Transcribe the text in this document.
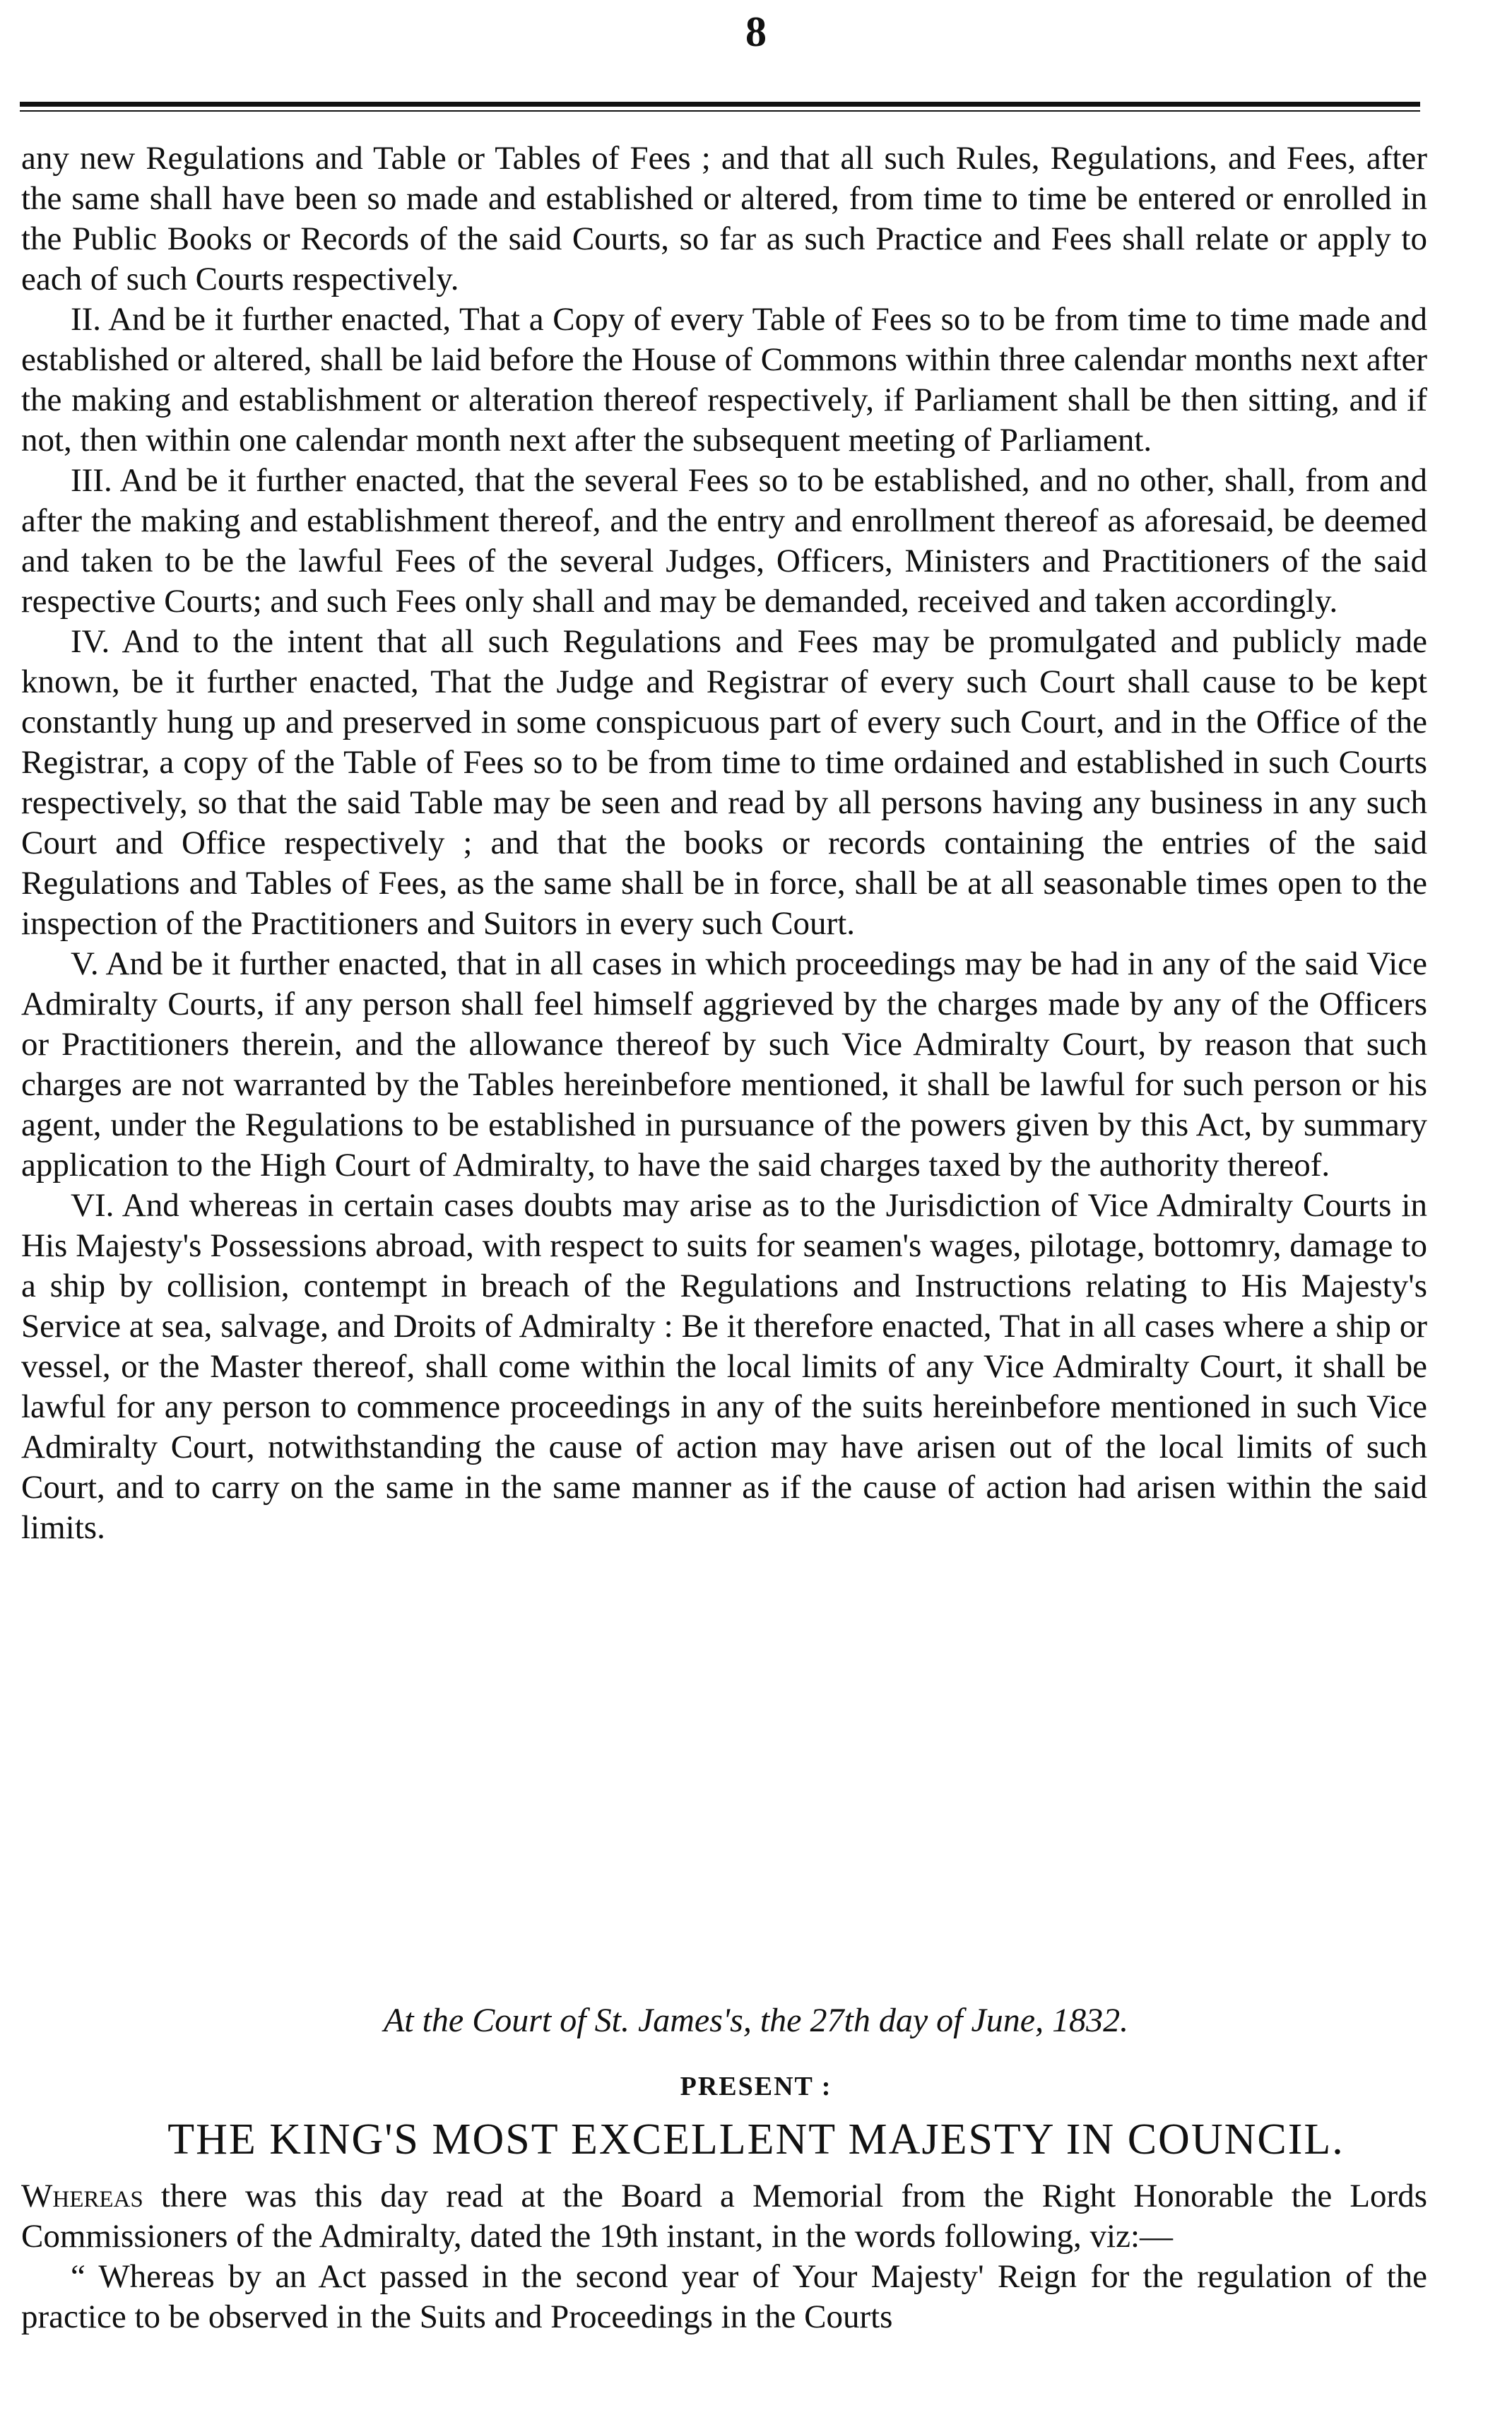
8

any new Regulations and Table or Tables of Fees ; and that all such Rules, Regulations, and Fees, after the same shall have been so made and established or altered, from time to time be entered or enrolled in the Public Books or Records of the said Courts, so far as such Practice and Fees shall relate or apply to each of such Courts respectively.

II. And be it further enacted, That a Copy of every Table of Fees so to be from time to time made and established or altered, shall be laid before the House of Commons within three calendar months next after the making and establishment or alteration thereof respectively, if Parliament shall be then sitting, and if not, then within one calendar month next after the subsequent meeting of Parliament.

III. And be it further enacted, that the several Fees so to be established, and no other, shall, from and after the making and establishment thereof, and the entry and enrollment thereof as aforesaid, be deemed and taken to be the lawful Fees of the several Judges, Officers, Ministers and Practitioners of the said respective Courts; and such Fees only shall and may be demanded, received and taken accordingly.

IV. And to the intent that all such Regulations and Fees may be promulgated and publicly made known, be it further enacted, That the Judge and Registrar of every such Court shall cause to be kept constantly hung up and preserved in some conspicuous part of every such Court, and in the Office of the Registrar, a copy of the Table of Fees so to be from time to time ordained and established in such Courts respectively, so that the said Table may be seen and read by all persons having any business in any such Court and Office respectively ; and that the books or records containing the entries of the said Regulations and Tables of Fees, as the same shall be in force, shall be at all seasonable times open to the inspection of the Practitioners and Suitors in every such Court.

V. And be it further enacted, that in all cases in which proceedings may be had in any of the said Vice Admiralty Courts, if any person shall feel himself aggrieved by the charges made by any of the Officers or Practitioners therein, and the allowance thereof by such Vice Admiralty Court, by reason that such charges are not warranted by the Tables hereinbefore mentioned, it shall be lawful for such person or his agent, under the Regulations to be established in pursuance of the powers given by this Act, by summary application to the High Court of Admiralty, to have the said charges taxed by the authority thereof.

VI. And whereas in certain cases doubts may arise as to the Jurisdiction of Vice Admiralty Courts in His Majesty's Possessions abroad, with respect to suits for seamen's wages, pilotage, bottomry, damage to a ship by collision, contempt in breach of the Regulations and Instructions relating to His Majesty's Service at sea, salvage, and Droits of Admiralty : Be it therefore enacted, That in all cases where a ship or vessel, or the Master thereof, shall come within the local limits of any Vice Admiralty Court, it shall be lawful for any person to commence proceedings in any of the suits hereinbefore mentioned in such Vice Admiralty Court, notwithstanding the cause of action may have arisen out of the local limits of such Court, and to carry on the same in the same manner as if the cause of action had arisen within the said limits.

At the Court of St. James's, the 27th day of June, 1832.
PRESENT :
THE KING'S MOST EXCELLENT MAJESTY IN COUNCIL.

Whereas there was this day read at the Board a Memorial from the Right Honorable the Lords Commissioners of the Admiralty, dated the 19th instant, in the words following, viz:—

“ Whereas by an Act passed in the second year of Your Majesty' Reign for the regulation of the practice to be observed in the Suits and Proceedings in the Courts
